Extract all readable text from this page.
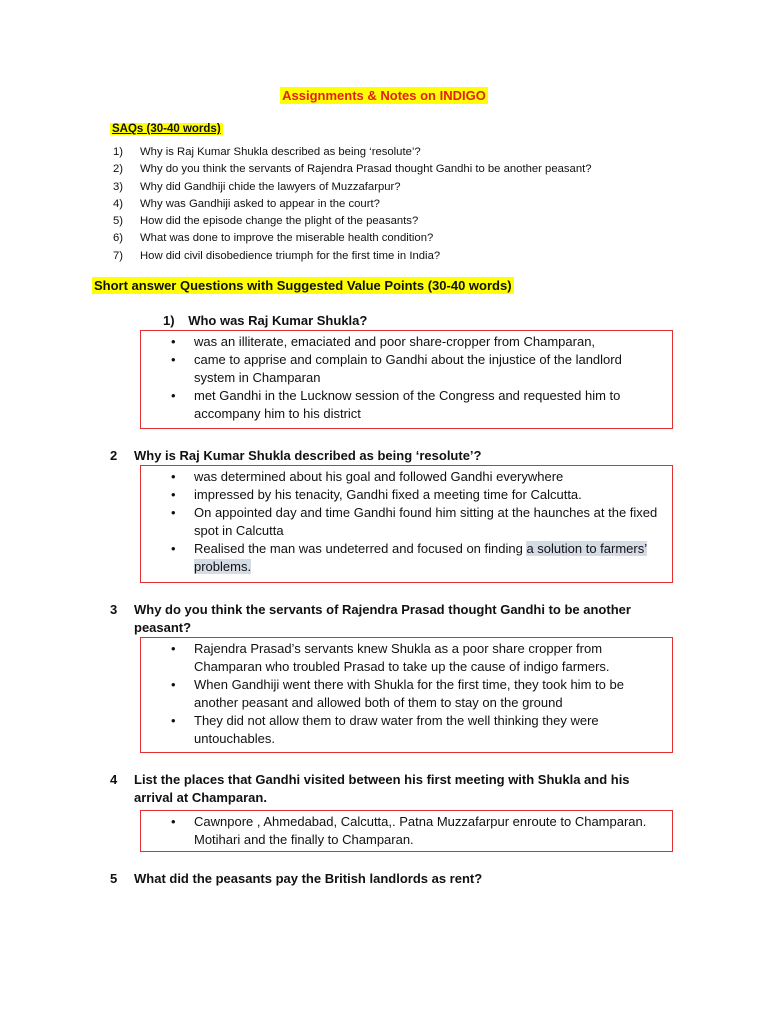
Assignments & Notes on INDIGO
SAQs (30-40 words)
1) Why is Raj Kumar Shukla described as being ‘resolute’?
2) Why do you think the servants of Rajendra Prasad thought Gandhi to be another peasant?
3) Why did Gandhiji chide the lawyers of Muzzafarpur?
4) Why was Gandhiji asked to appear in the court?
5) How did the episode change the plight of the peasants?
6) What was done to improve the miserable health condition?
7) How did civil disobedience triumph for the first time in India?
Short answer Questions with Suggested Value Points (30-40 words)
1) Who was Raj Kumar Shukla?
• was an illiterate, emaciated and poor share-cropper from Champaran,
• came to apprise and complain to Gandhi about the injustice of the landlord system in Champaran
• met Gandhi in the Lucknow session of the Congress and requested him to accompany him to his district
2 Why is Raj Kumar Shukla described as being ‘resolute’?
• was determined about his goal and followed Gandhi everywhere
• impressed by his tenacity, Gandhi fixed a meeting time for Calcutta.
• On appointed day and time Gandhi found him sitting at the haunches at the fixed spot in Calcutta
• Realised the man was undeterred and focused on finding a solution to farmers’ problems.
3 Why do you think the servants of Rajendra Prasad thought Gandhi to be another peasant?
• Rajendra Prasad’s servants knew Shukla as a poor share cropper from Champaran who troubled Prasad to take up the cause of indigo farmers.
• When Gandhiji went there with Shukla for the first time, they took him to be another peasant and allowed both of them to stay on the ground
• They did not allow them to draw water from the well thinking they were untouchables.
4 List the places that Gandhi visited between his first meeting with Shukla and his arrival at Champaran.
• Cawnpore , Ahmedabad, Calcutta,. Patna Muzzafarpur enroute to Champaran. Motihari and the finally to Champaran.
5 What did the peasants pay the British landlords as rent?
